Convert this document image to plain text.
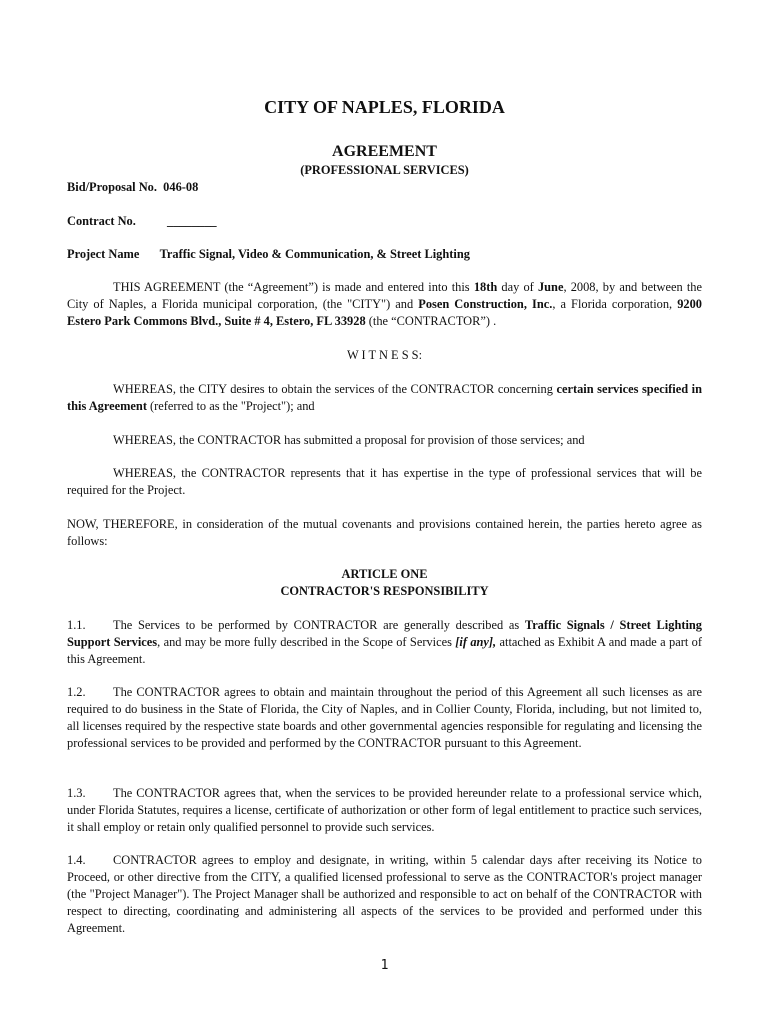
CITY OF NAPLES, FLORIDA
AGREEMENT
(PROFESSIONAL SERVICES)
Bid/Proposal No. 046-08
Contract No.	________
Project Name Traffic Signal, Video & Communication, & Street Lighting
THIS AGREEMENT (the “Agreement”) is made and entered into this 18th day of June, 2008, by and between the City of Naples, a Florida municipal corporation, (the "CITY") and Posen Construction, Inc., a Florida corporation, 9200 Estero Park Commons Blvd., Suite # 4, Estero, FL 33928 (the “CONTRACTOR”) .
W I T N E S S:
WHEREAS, the CITY desires to obtain the services of the CONTRACTOR concerning certain services specified in this Agreement (referred to as the "Project"); and
WHEREAS, the CONTRACTOR has submitted a proposal for provision of those services; and
WHEREAS, the CONTRACTOR represents that it has expertise in the type of professional services that will be required for the Project.
NOW, THEREFORE, in consideration of the mutual covenants and provisions contained herein, the parties hereto agree as follows:
ARTICLE ONE
CONTRACTOR'S RESPONSIBILITY
1.1. The Services to be performed by CONTRACTOR are generally described as Traffic Signals / Street Lighting Support Services, and may be more fully described in the Scope of Services [if any], attached as Exhibit A and made a part of this Agreement.
1.2. The CONTRACTOR agrees to obtain and maintain throughout the period of this Agreement all such licenses as are required to do business in the State of Florida, the City of Naples, and in Collier County, Florida, including, but not limited to, all licenses required by the respective state boards and other governmental agencies responsible for regulating and licensing the professional services to be provided and performed by the CONTRACTOR pursuant to this Agreement.
1.3. The CONTRACTOR agrees that, when the services to be provided hereunder relate to a professional service which, under Florida Statutes, requires a license, certificate of authorization or other form of legal entitlement to practice such services, it shall employ or retain only qualified personnel to provide such services.
1.4. CONTRACTOR agrees to employ and designate, in writing, within 5 calendar days after receiving its Notice to Proceed, or other directive from the CITY, a qualified licensed professional to serve as the CONTRACTOR's project manager (the "Project Manager"). The Project Manager shall be authorized and responsible to act on behalf of the CONTRACTOR with respect to directing, coordinating and administering all aspects of the services to be provided and performed under this Agreement.
1
